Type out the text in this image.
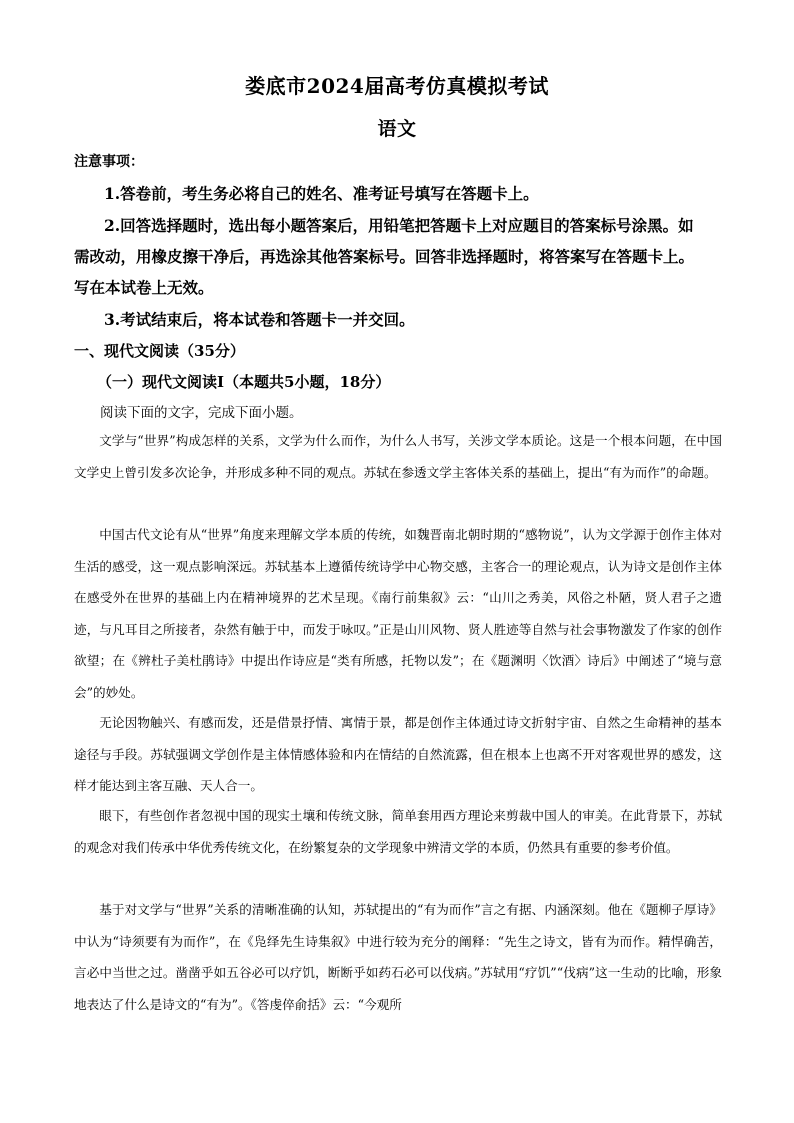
娄底市2024届高考仿真模拟考试
语文
注意事项：
1.答卷前，考生务必将自己的姓名、准考证号填写在答题卡上。
2.回答选择题时，选出每小题答案后，用铅笔把答题卡上对应题目的答案标号涂黑。如
需改动，用橡皮擦干净后，再选涂其他答案标号。回答非选择题时，将答案写在答题卡上。
写在本试卷上无效。
3.考试结束后，将本试卷和答题卡一并交回。
一、现代文阅读（35分）
（一）现代文阅读Ⅰ（本题共5小题，18分）
阅读下面的文字，完成下面小题。

文学与“世界”构成怎样的关系，文学为什么而作，为什么人书写，关涉文学本质论。这是一个根本问题，在中国文学史上曾引发多次论争，并形成多种不同的观点。苏轼在参透文学主客体关系的基础上，提出“有为而作”的命题。

中国古代文论有从“世界”角度来理解文学本质的传统，如魏晋南北朝时期的“感物说”，认为文学源于创作主体对生活的感受，这一观点影响深远。苏轼基本上遵循传统诗学中心物交感，主客合一的理论观点，认为诗文是创作主体在感受外在世界的基础上内在精神境界的艺术呈现。《南行前集叙》云：“山川之秀美，风俗之朴陋，贤人君子之遗迹，与凡耳目之所接者，杂然有触于中，而发于咏叹。”正是山川风物、贤人胜迹等自然与社会事物激发了作家的创作欲望；在《辨杜子美杜鹃诗》中提出作诗应是“类有所感，托物以发”；在《题渊明〈饮酒〉诗后》中阐述了“境与意会”的妙处。

无论因物触兴、有感而发，还是借景抒情、寓情于景，都是创作主体通过诗文折射宇宙、自然之生命精神的基本途径与手段。苏轼强调文学创作是主体情感体验和内在情结的自然流露，但在根本上也离不开对客观世界的感发，这样才能达到主客互融、天人合一。

眼下，有些创作者忽视中国的现实土壤和传统文脉，简单套用西方理论来剪裁中国人的审美。在此背景下，苏轼的观念对我们传承中华优秀传统文化，在纷繁复杂的文学现象中辨清文学的本质，仍然具有重要的参考价值。

基于对文学与“世界”关系的清晰准确的认知，苏轼提出的“有为而作”言之有据、内涵深刻。他在《题柳子厚诗》中认为“诗须要有为而作”，在《凫绎先生诗集叙》中进行较为充分的阐释：“先生之诗文，皆有为而作。精悍确苦，言必中当世之过。凿凿乎如五谷必可以疗饥，断断乎如药石必可以伐病。”苏轼用“疗饥”“伐病”这一生动的比喻，形象地表达了什么是诗文的“有为”。《答虔倅俞括》云：“今观所
